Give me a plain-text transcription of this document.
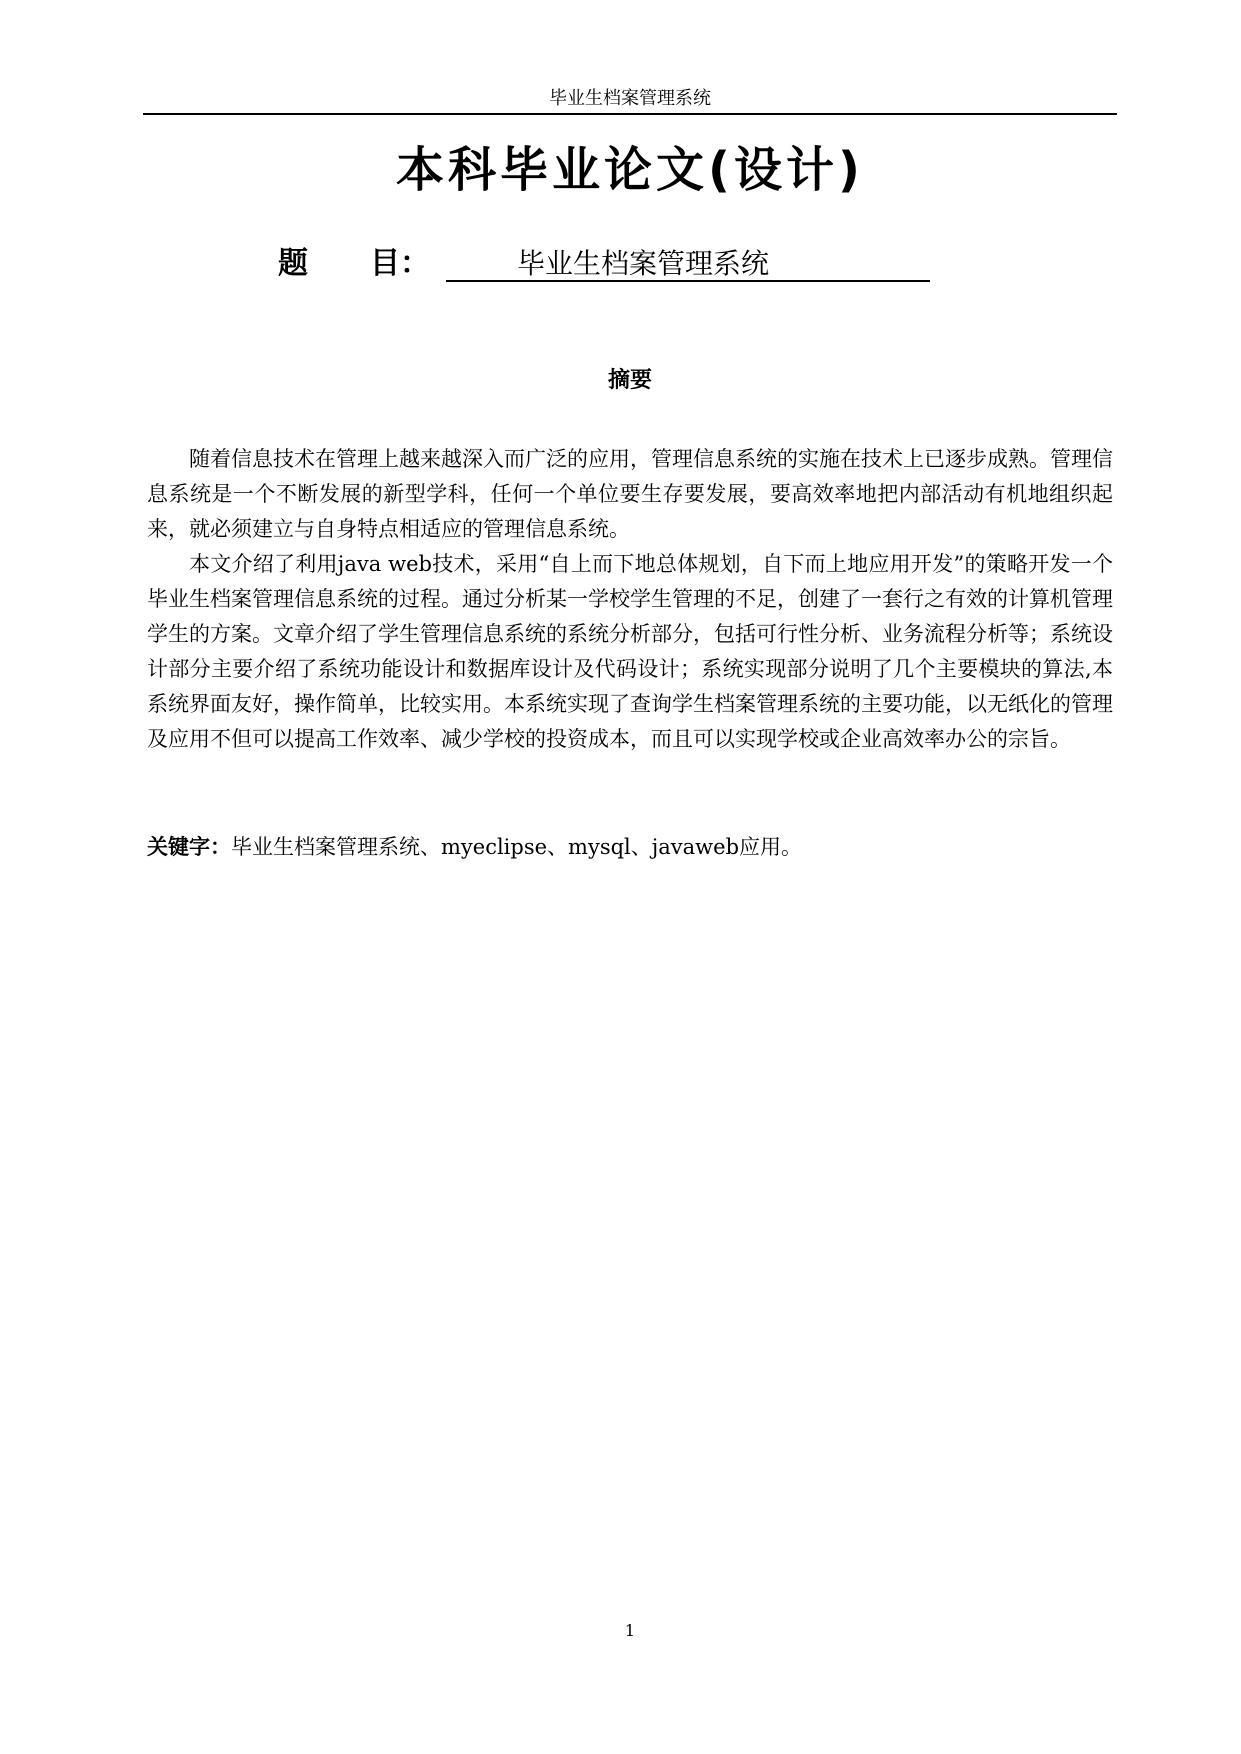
毕业生档案管理系统
本科毕业论文(设计)
题 目：	毕业生档案管理系统
摘要

随着信息技术在管理上越来越深入而广泛的应用，管理信息系统的实施在技术上已逐步成熟。管理信息系统是一个不断发展的新型学科，任何一个单位要生存要发展，要高效率地把内部活动有机地组织起来，就必须建立与自身特点相适应的管理信息系统。

本文介绍了利用java web技术，采用“自上而下地总体规划，自下而上地应用开发”的策略开发一个毕业生档案管理信息系统的过程。通过分析某一学校学生管理的不足，创建了一套行之有效的计算机管理学生的方案。文章介绍了学生管理信息系统的系统分析部分，包括可行性分析、业务流程分析等；系统设计部分主要介绍了系统功能设计和数据库设计及代码设计；系统实现部分说明了几个主要模块的算法,本系统界面友好，操作简单，比较实用。本系统实现了查询学生档案管理系统的主要功能，以无纸化的管理及应用不但可以提高工作效率、减少学校的投资成本，而且可以实现学校或企业高效率办公的宗旨。

关键字：毕业生档案管理系统、myeclipse、mysql、javaweb应用。
1
